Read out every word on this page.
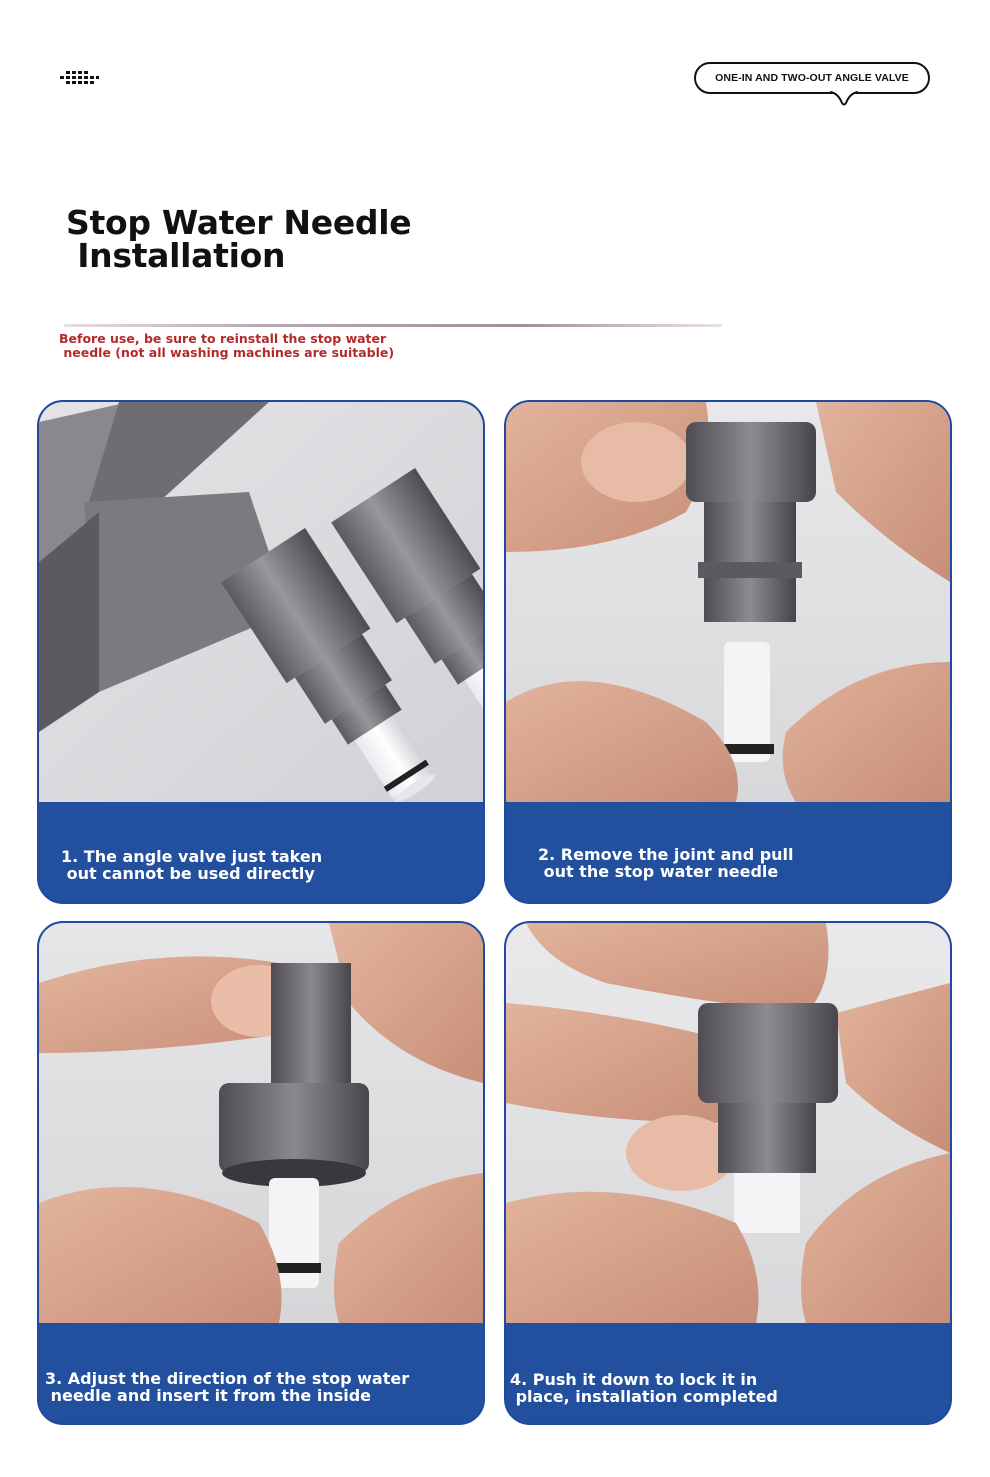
ONE-IN AND TWO-OUT ANGLE VALVE
Stop Water Needle
Installation

Before use, be sure to reinstall the stop water
needle (not all washing machines are suitable)

1. The angle valve just taken
out cannot be used directly

2. Remove the joint and pull
out the stop water needle

3. Adjust the direction of the stop water
needle and insert it from the inside

4. Push it down to lock it in
place, installation completed
